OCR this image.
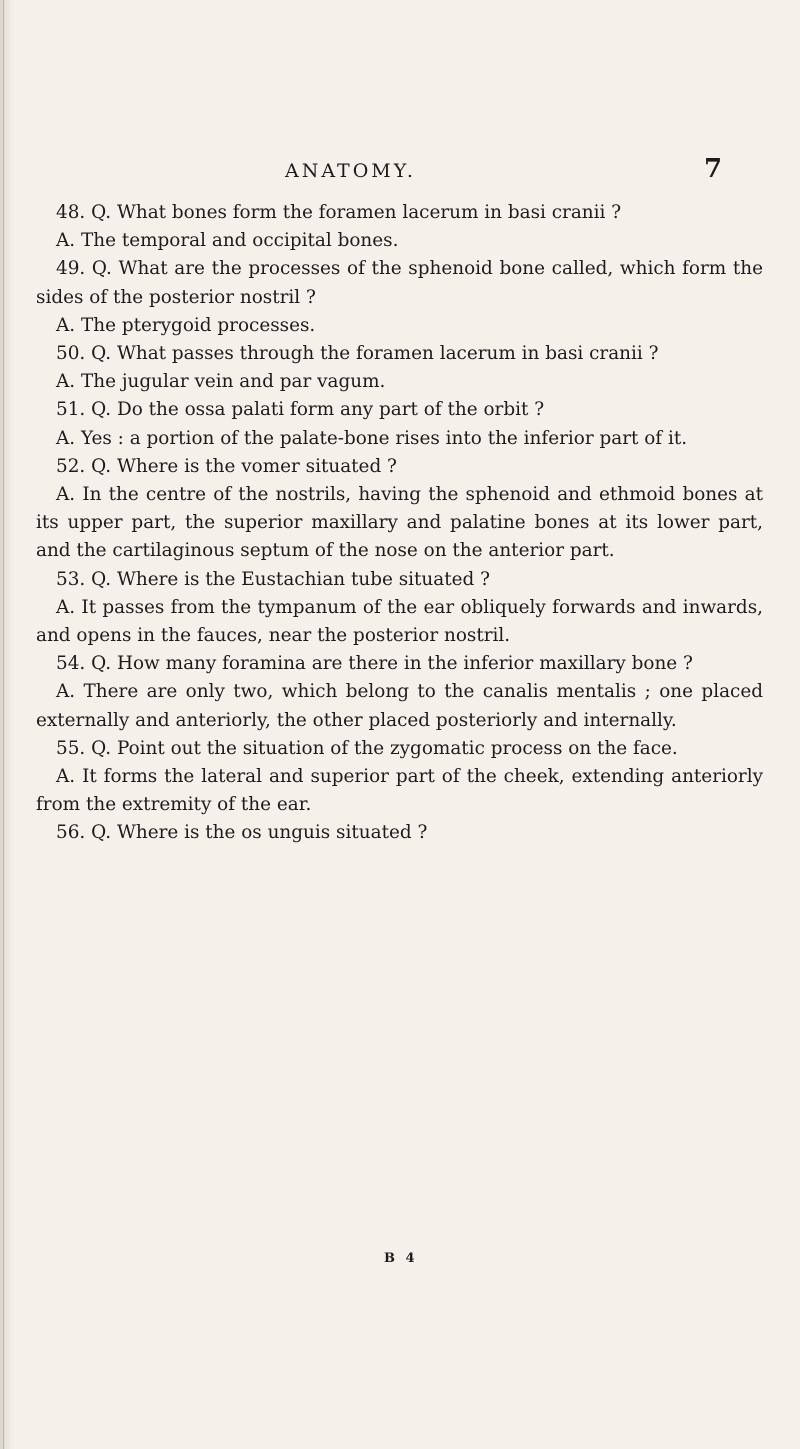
ANATOMY.	7

48. Q. What bones form the foramen lacerum in basi cranii ?

A. The temporal and occipital bones.

49. Q. What are the processes of the sphenoid bone called, which form the sides of the posterior nostril ?

A. The pterygoid processes.

50. Q. What passes through the foramen lacerum in basi cranii ?

A. The jugular vein and par vagum.

51. Q. Do the ossa palati form any part of the orbit ?

A. Yes : a portion of the palate-bone rises into the inferior part of it.

52. Q. Where is the vomer situated ?

A. In the centre of the nostrils, having the sphenoid and ethmoid bones at its upper part, the superior maxillary and palatine bones at its lower part, and the cartilaginous septum of the nose on the anterior part.

53. Q. Where is the Eustachian tube situated ?

A. It passes from the tympanum of the ear obliquely forwards and inwards, and opens in the fauces, near the posterior nostril.

54. Q. How many foramina are there in the inferior maxillary bone ?

A. There are only two, which belong to the canalis mentalis ; one placed externally and anteriorly, the other placed posteriorly and internally.

55. Q. Point out the situation of the zygomatic process on the face.

A. It forms the lateral and superior part of the cheek, extending anteriorly from the extremity of the ear.

56. Q. Where is the os unguis situated ?

B 4
